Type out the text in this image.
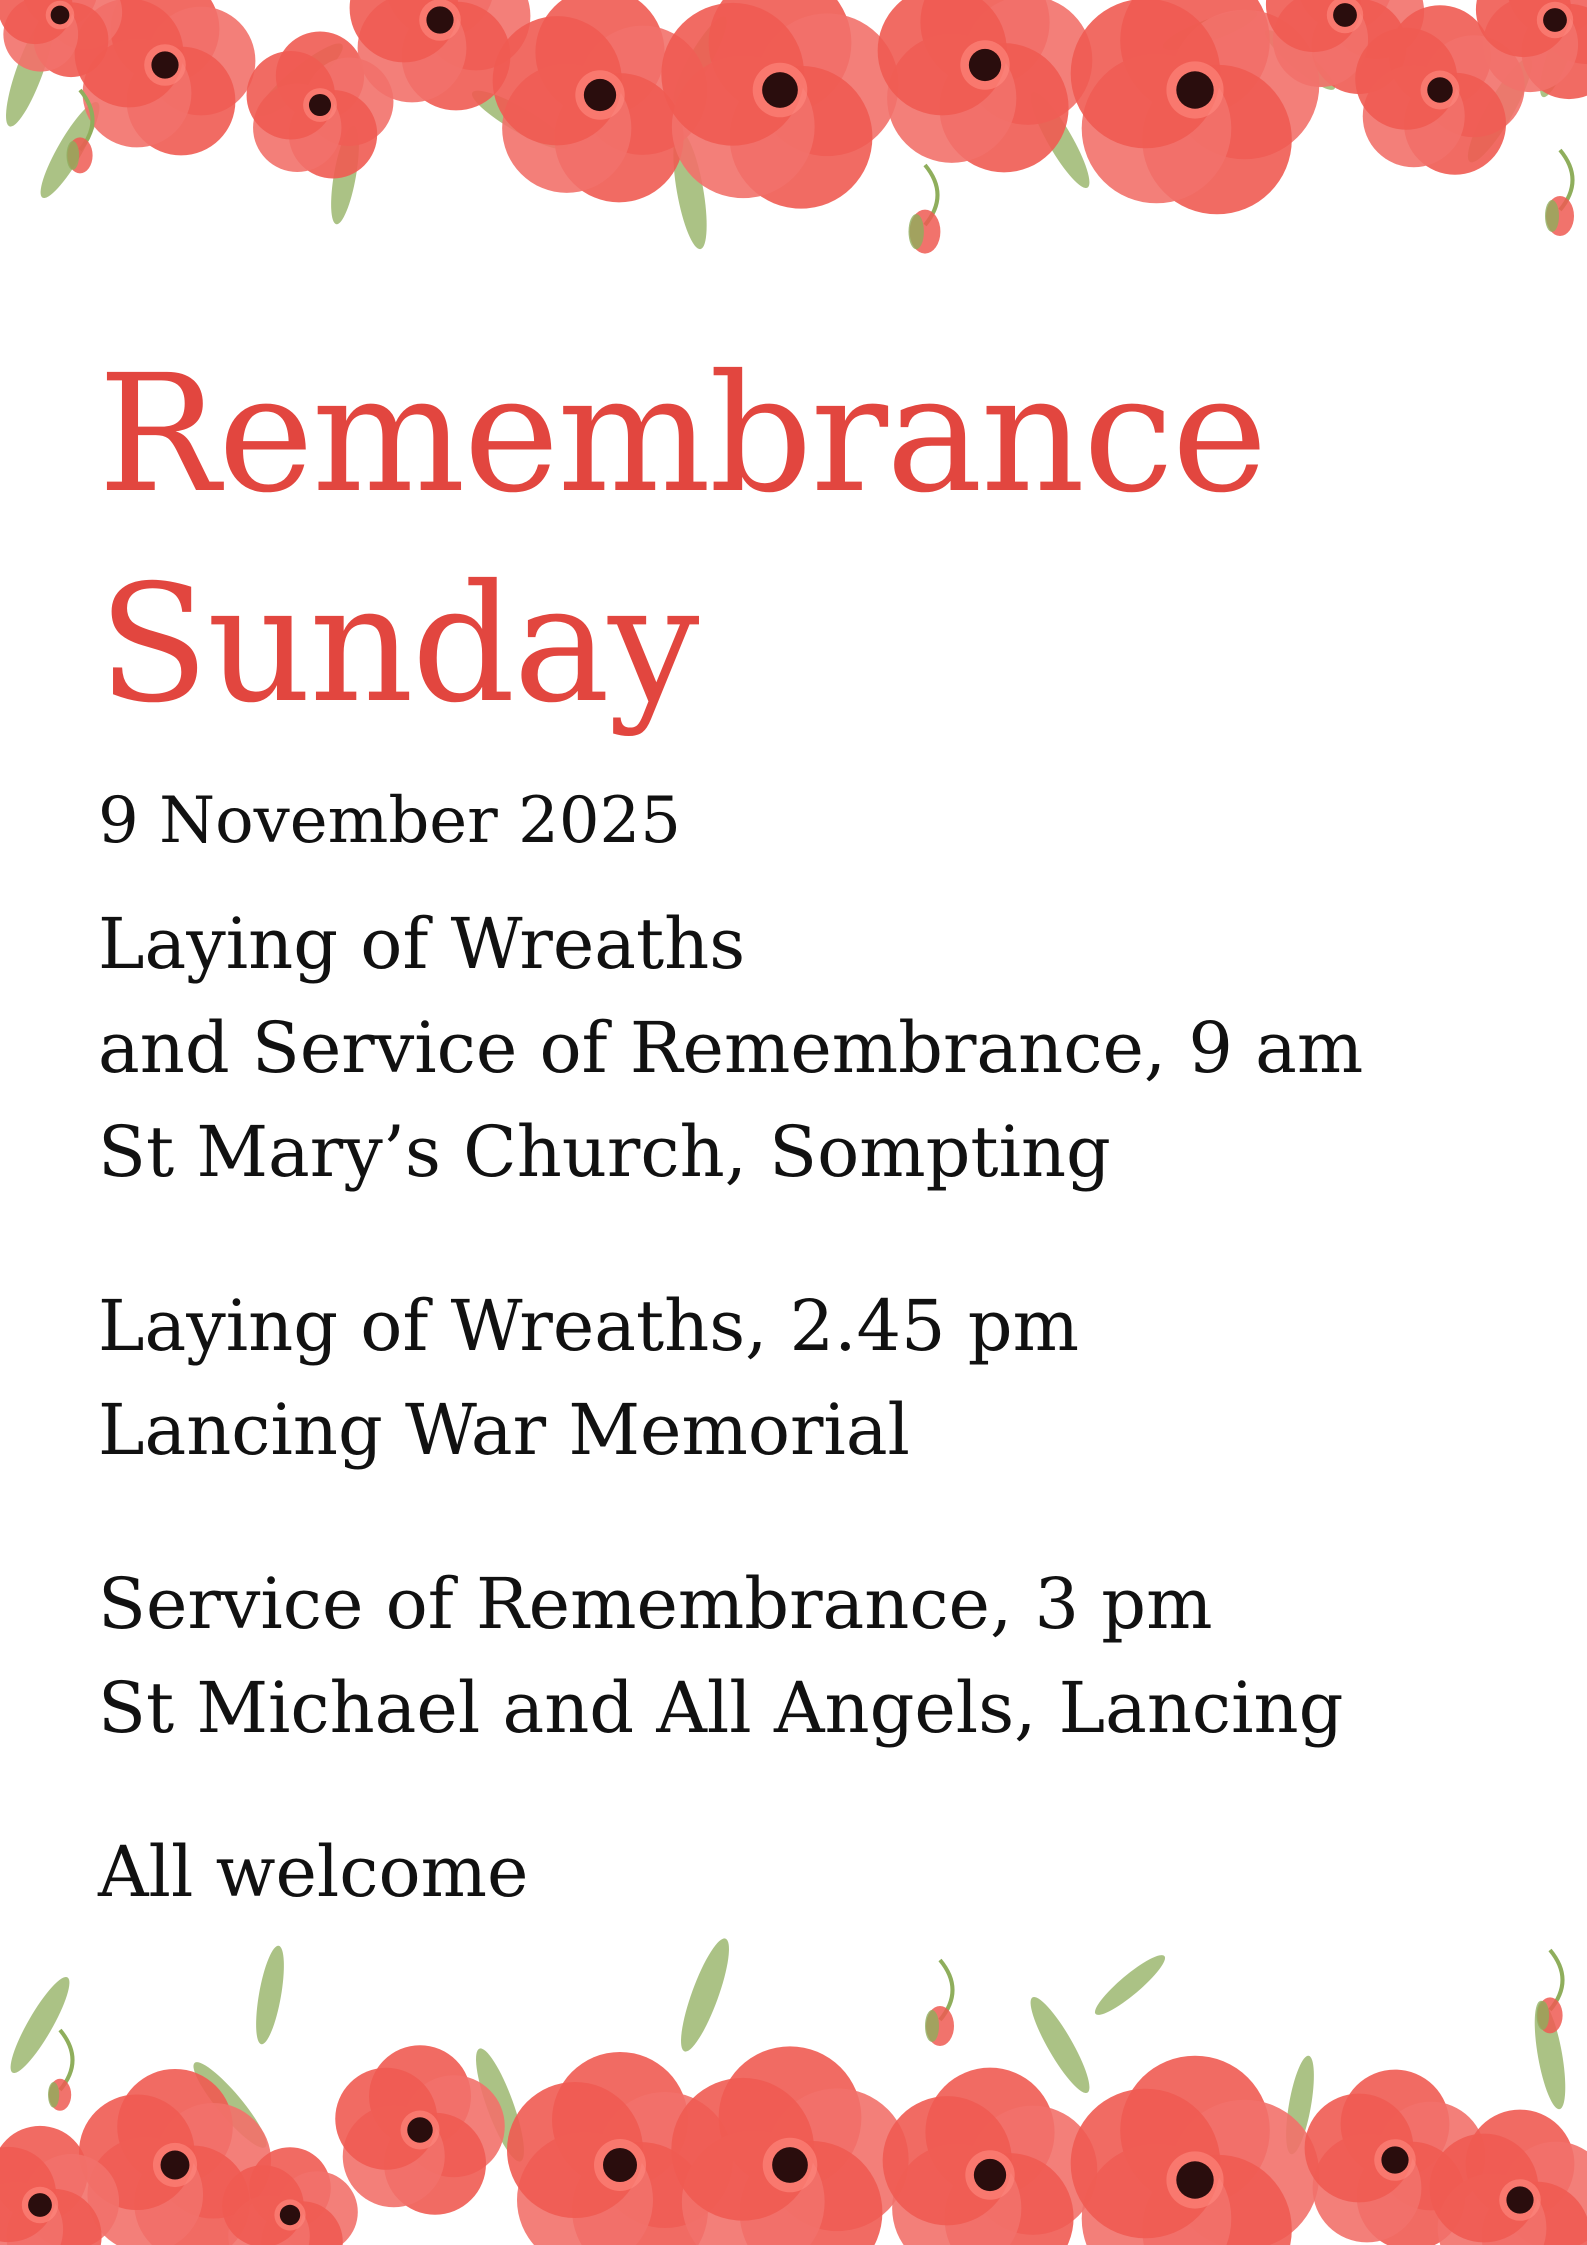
Remembrance
Sunday

9 November 2025

Laying of Wreaths
and Service of Remembrance, 9 am
St Mary’s Church, Sompting

Laying of Wreaths, 2.45 pm
Lancing War Memorial

Service of Remembrance, 3 pm
St Michael and All Angels, Lancing

All welcome
